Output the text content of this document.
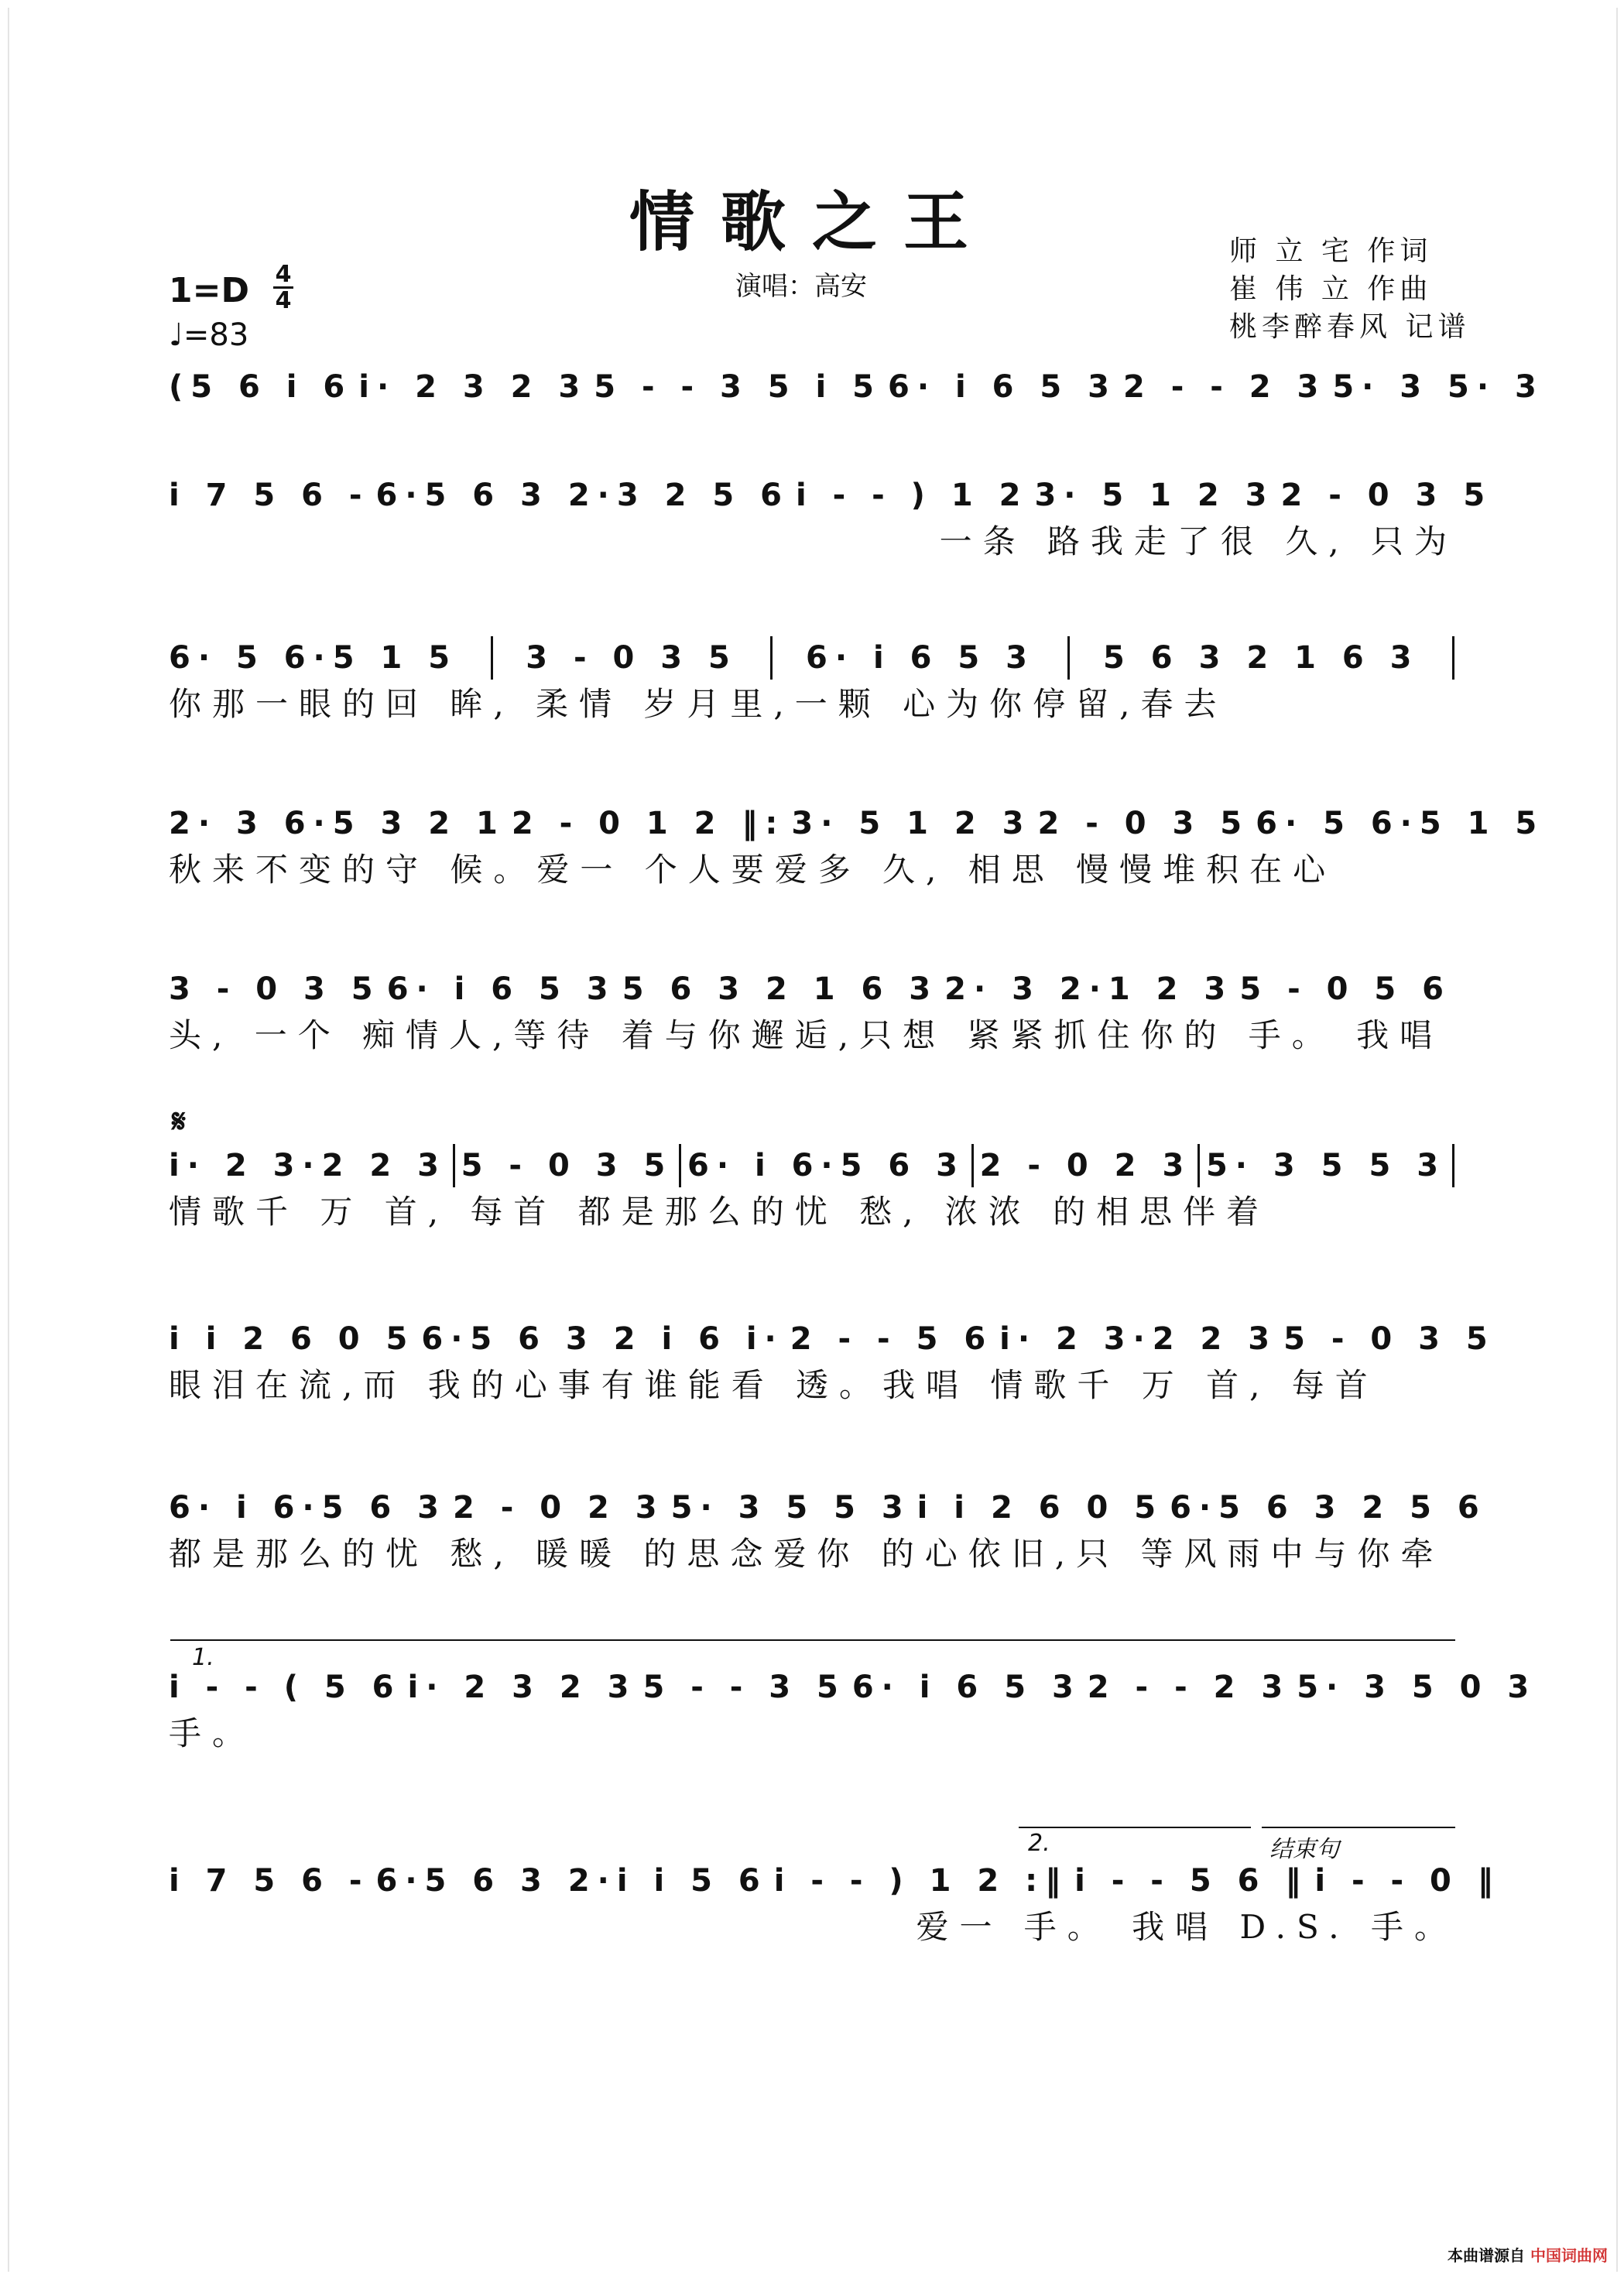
情歌之王
演唱：高安
师 立 宅 作词
崔 伟 立 作曲
桃李醉春风 记谱
1=D 4
4
♩=83
𝄋
(5 6 i 6 i· 2 3 2 3 5 - - 3 5 i 5 6· i 6 5 3 2 - - 2 3 5· 3 5· 3
i 7 5 6 - 6·5 6 3 2·3 2 5 6 i - - ) 1 2 3· 5 1 2 3 2 - 0 3 5
一条 路我走了很 久, 只为
6· 5 6·5 1 5 3 - 0 3 5 6· i 6 5 3 5 6 3 2 1 6 3
你那一眼的回 眸, 柔情 岁月里,一颗 心为你停留,春去
2· 3 6·5 3 2 1 2 - 0 1 2 ‖: 3· 5 1 2 3 2 - 0 3 5 6· 5 6·5 1 5
秋来不变的守 候。爱一 个人要爱多 久, 相思 慢慢堆积在心
3 - 0 3 5 6· i 6 5 3 5 6 3 2 1 6 3 2· 3 2·1 2 3 5 - 0 5 6
头, 一个 痴情人,等待 着与你邂逅,只想 紧紧抓住你的 手。 我唱
i· 2 3·2 2 3 5 - 0 3 5 6· i 6·5 6 3 2 - 0 2 3 5· 3 5 5 3
情歌千 万 首, 每首 都是那么的忧 愁, 浓浓 的相思伴着
i i 2 6 0 5 6·5 6 3 2 i 6 i· 2 - - 5 6 i· 2 3·2 2 3 5 - 0 3 5
眼泪在流,而 我的心事有谁能看 透。我唱 情歌千 万 首, 每首
6· i 6·5 6 3 2 - 0 2 3 5· 3 5 5 3 i i 2 6 0 5 6·5 6 3 2 5 6
都是那么的忧 愁, 暖暖 的思念爱你 的心依旧,只 等风雨中与你牵
i - - ( 5 6 i· 2 3 2 3 5 - - 3 5 6· i 6 5 3 2 - - 2 3 5· 3 5 0 3
手。
i 7 5 6 - 6·5 6 3 2·i i 5 6 i - - ) 1 2 :‖ i - - 5 6 ‖ i - - 0 ‖
爱一 手。 我唱 D.S. 手。
1.
2.	结束句
本曲谱源自 中国词曲网
